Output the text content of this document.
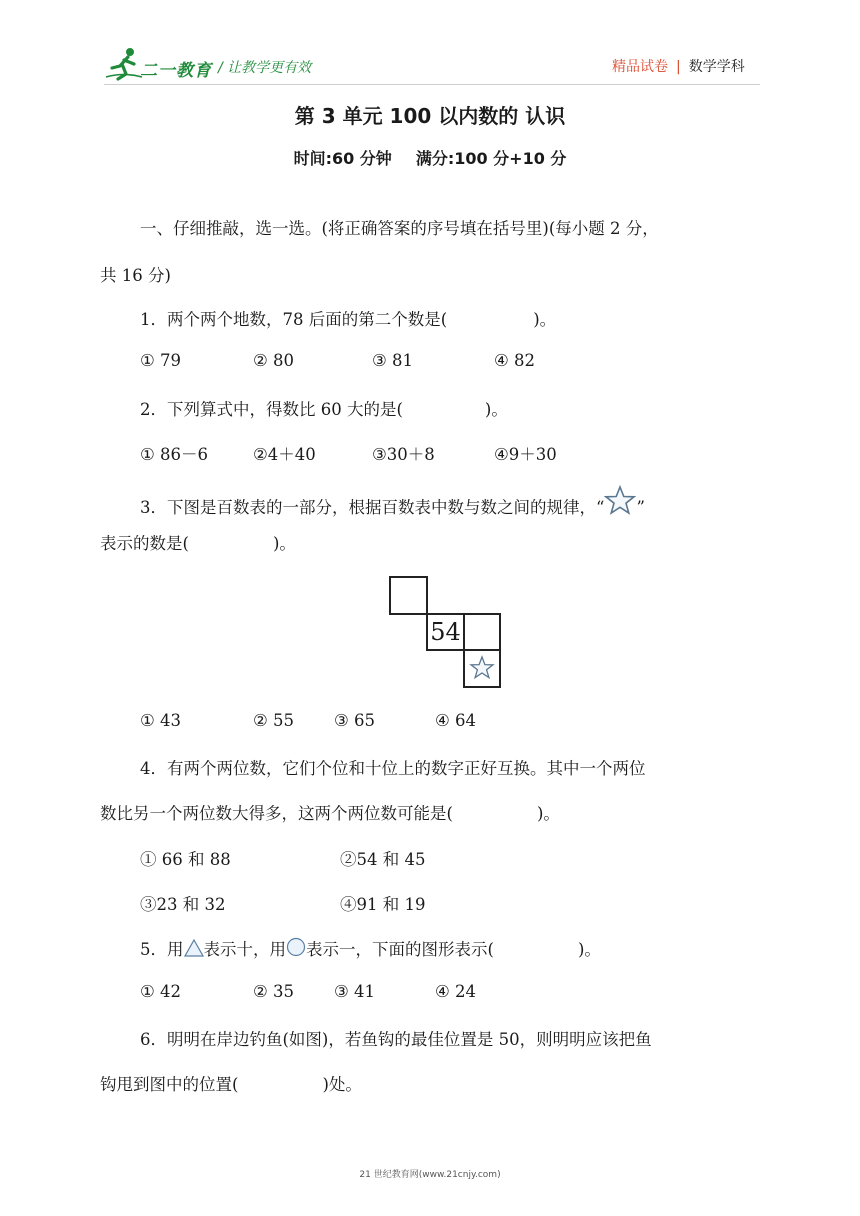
二一教育 / 让教学更有效	精品试卷 | 数学学科
第 3 单元 100 以内数的 认识
时间:60 分钟 满分:100 分+10 分
一、仔细推敲，选一选。(将正确答案的序号填在括号里)(每小题 2 分，
共 16 分)
1．两个两个地数，78 后面的第二个数是(	)。
① 79	② 80	③ 81	④ 82
2．下列算式中，得数比 60 大的是(	)。
① 86－6	②4＋40	③30＋8	④9＋30
3．下图是百数表的一部分，根据百数表中数与数之间的规律，“ ”
表示的数是(	)。
54
① 43	② 55 ③ 65	④ 64
4．有两个两位数，它们个位和十位上的数字正好互换。其中一个两位
数比另一个两位数大得多，这两个两位数可能是(	)。
① 66 和 88	②54 和 45
③23 和 32	④91 和 19
5．用 表示十，用 表示一，下面的图形表示(	)。
① 42	② 35 ③ 41	④ 24
6．明明在岸边钓鱼(如图)，若鱼钩的最佳位置是 50，则明明应该把鱼
钩甩到图中的位置(	)处。
21 世纪教育网(www.21cnjy.com)
